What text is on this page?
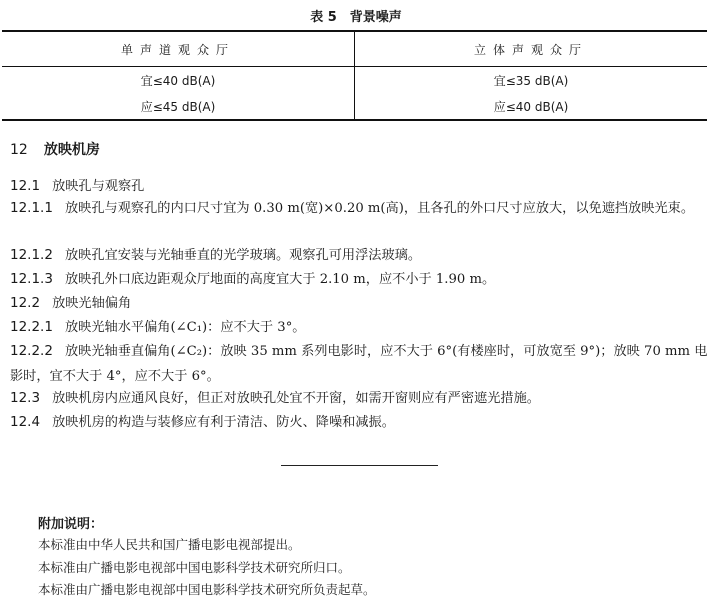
表 5　背景噪声
单声道观众厅	立体声观众厅
宜≤40 dB(A)	宜≤35 dB(A)
应≤45 dB(A)	应≤40 dB(A)
12 放映机房
12.1 放映孔与观察孔
12.1.1 放映孔与观察孔的内口尺寸宜为 0.30 m(宽)×0.20 m(高)，且各孔的外口尺寸应放大，以免遮挡放映光束。
12.1.2 放映孔宜安装与光轴垂直的光学玻璃。观察孔可用浮法玻璃。
12.1.3 放映孔外口底边距观众厅地面的高度宜大于 2.10 m，应不小于 1.90 m。
12.2 放映光轴偏角
12.2.1 放映光轴水平偏角(∠C₁)：应不大于 3°。
12.2.2 放映光轴垂直偏角(∠C₂)：放映 35 mm 系列电影时，应不大于 6°(有楼座时，可放宽至 9°)；放映 70 mm 电影时，宜不大于 4°，应不大于 6°。
12.3 放映机房内应通风良好，但正对放映孔处宜不开窗，如需开窗则应有严密遮光措施。
12.4 放映机房的构造与装修应有利于清洁、防火、降噪和减振。
附加说明：
本标准由中华人民共和国广播电影电视部提出。
本标准由广播电影电视部中国电影科学技术研究所归口。
本标准由广播电影电视部中国电影科学技术研究所负责起草。
